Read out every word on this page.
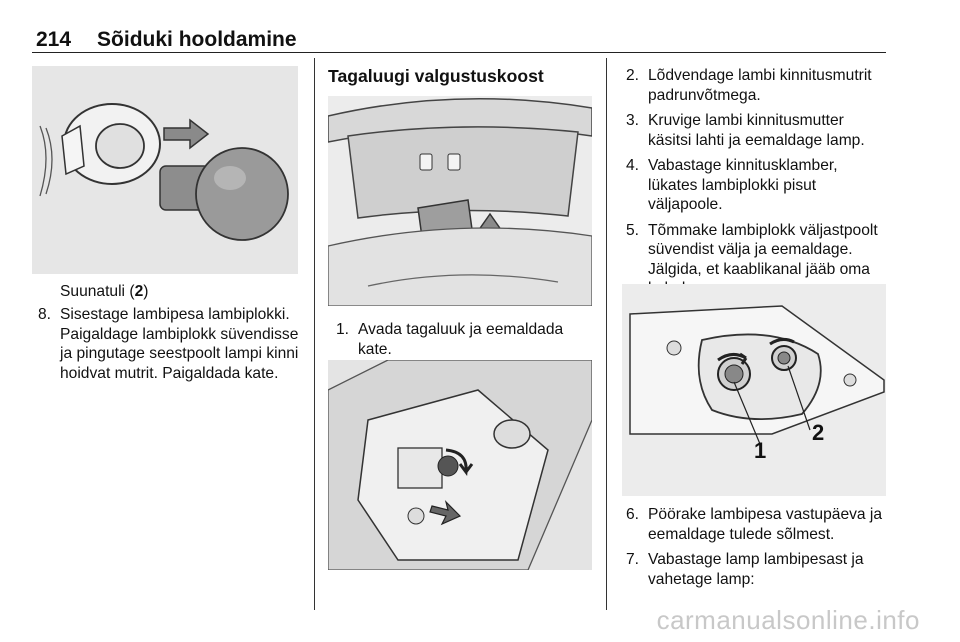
214 Sõiduki hooldamine
Suunatuli (2)
8. Sisestage lambipesa lambiplokki. Paigaldage lambiplokk süvendisse ja pingutage seestpoolt lampi kinni hoidvat mutrit. Paigaldada kate.
Tagaluugi valgustuskoost
1. Avada tagaluuk ja eemaldada kate.
2. Lõdvendage lambi kinnitusmutrit padrunvõtmega.
3. Kruvige lambi kinnitusmutter käsitsi lahti ja eemaldage lamp.
4. Vabastage kinnitusklamber, lükates lambiplokki pisut väljapoole.
5. Tõmmake lambiplokk väljastpoolt süvendist välja ja eemaldage. Jälgida, et kaablikanal jääb oma
1
2
6. Pöörake lambipesa vastupäeva ja eemaldage tulede sõlmest.
7. Vabastage lamp lambipesast ja vahetage lamp:
carmanualsonline.info
